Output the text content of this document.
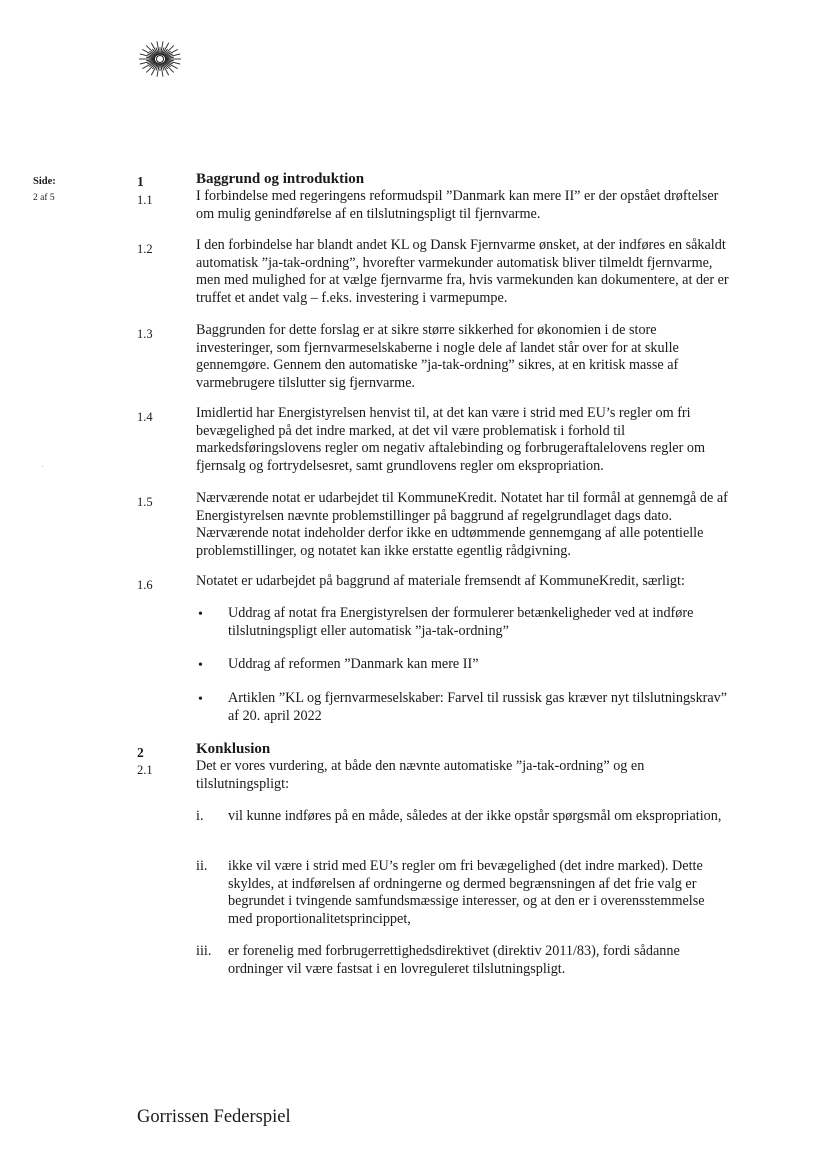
Side:
2 af 5
1	Baggrund og introduktion
1.1	I forbindelse med regeringens reformudspil ”Danmark kan mere II” er der opstået drøftelser om mulig genindførelse af en tilslutningspligt til fjernvarme.
1.2	I den forbindelse har blandt andet KL og Dansk Fjernvarme ønsket, at der indføres en såkaldt automatisk ”ja-tak-ordning”, hvorefter varmekunder automatisk bliver tilmeldt fjernvarme, men med mulighed for at vælge fjernvarme fra, hvis varmekunden kan dokumentere, at der er truffet et andet valg – f.eks. investering i varmepumpe.
1.3	Baggrunden for dette forslag er at sikre større sikkerhed for økonomien i de store investeringer, som fjernvarmeselskaberne i nogle dele af landet står over for at skulle gennemgøre. Gennem den automatiske ”ja-tak-ordning” sikres, at en kritisk masse af varmebrugere tilslutter sig fjernvarme.
1.4	Imidlertid har Energistyrelsen henvist til, at det kan være i strid med EU’s regler om fri bevægelighed på det indre marked, at det vil være problematisk i forhold til markedsføringslovens regler om negativ aftalebinding og forbrugeraftalelovens regler om fjernsalg og fortrydelsesret, samt grundlovens regler om ekspropriation.
1.5	Nærværende notat er udarbejdet til KommuneKredit. Notatet har til formål at gennemgå de af Energistyrelsen nævnte problemstillinger på baggrund af regelgrundlaget dags dato. Nærværende notat indeholder derfor ikke en udtømmende gennemgang af alle potentielle problemstillinger, og notatet kan ikke erstatte egentlig rådgivning.
1.6	Notatet er udarbejdet på baggrund af materiale fremsendt af KommuneKredit, særligt:
• Uddrag af notat fra Energistyrelsen der formulerer betænkeligheder ved at indføre tilslutningspligt eller automatisk ”ja-tak-ordning”
• Uddrag af reformen ”Danmark kan mere II”
• Artiklen ”KL og fjernvarmeselskaber: Farvel til russisk gas kræver nyt tilslutningskrav” af 20. april 2022
2	Konklusion
2.1	Det er vores vurdering, at både den nævnte automatiske ”ja-tak-ordning” og en tilslutningspligt:
i. vil kunne indføres på en måde, således at der ikke opstår spørgsmål om ekspropriation,
ii. ikke vil være i strid med EU’s regler om fri bevægelighed (det indre marked). Dette skyldes, at indførelsen af ordningerne og dermed begrænsningen af det frie valg er begrundet i tvingende samfundsmæssige interesser, og at den er i overensstemmelse med proportionalitetsprincippet,
iii. er forenelig med forbrugerrettighedsdirektivet (direktiv 2011/83), fordi sådanne ordninger vil være fastsat i en lovreguleret tilslutningspligt.
Gorrissen Federspiel
